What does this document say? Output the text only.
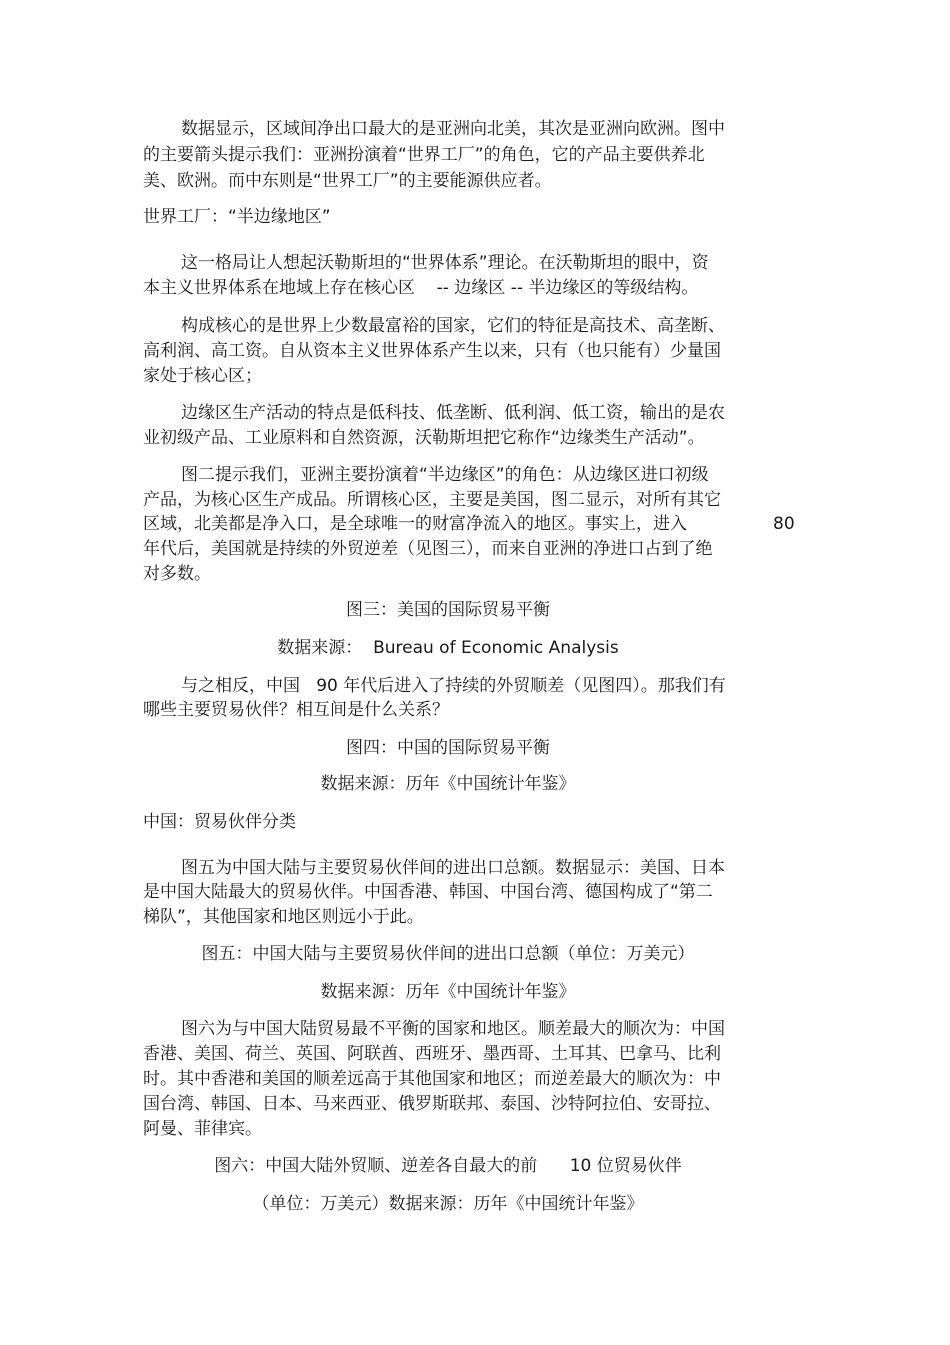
数据显示，区域间净出口最大的是亚洲向北美，其次是亚洲向欧洲。图中

的主要箭头提示我们：亚洲扮演着“世界工厂”的角色，它的产品主要供养北

美、欧洲。而中东则是“世界工厂”的主要能源供应者。

世界工厂：“半边缘地区”

这一格局让人想起沃勒斯坦的“世界体系”理论。在沃勒斯坦的眼中，资

本主义世界体系在地域上存在核心区    -- 边缘区 -- 半边缘区的等级结构。

构成核心的是世界上少数最富裕的国家，它们的特征是高技术、高垄断、

高利润、高工资。自从资本主义世界体系产生以来，只有（也只能有）少量国

家处于核心区；

边缘区生产活动的特点是低科技、低垄断、低利润、低工资，输出的是农

业初级产品、工业原料和自然资源，沃勒斯坦把它称作“边缘类生产活动”。

图二提示我们，亚洲主要扮演着“半边缘区”的角色：从边缘区进口初级

产品，为核心区生产成品。所谓核心区，主要是美国，图二显示，对所有其它

区域，北美都是净入口，是全球唯一的财富净流入的地区。事实上，进入	80

年代后，美国就是持续的外贸逆差（见图三），而来自亚洲的净进口占到了绝

对多数。

图三：美国的国际贸易平衡

数据来源：  Bureau of Economic Analysis

与之相反，中国   90 年代后进入了持续的外贸顺差（见图四）。那我们有

哪些主要贸易伙伴？相互间是什么关系？

图四：中国的国际贸易平衡

数据来源：历年《中国统计年鉴》

中国：贸易伙伴分类

图五为中国大陆与主要贸易伙伴间的进出口总额。数据显示：美国、日本

是中国大陆最大的贸易伙伴。中国香港、韩国、中国台湾、德国构成了“第二

梯队”，其他国家和地区则远小于此。

图五：中国大陆与主要贸易伙伴间的进出口总额（单位：万美元）

数据来源：历年《中国统计年鉴》

图六为与中国大陆贸易最不平衡的国家和地区。顺差最大的顺次为：中国

香港、美国、荷兰、英国、阿联酋、西班牙、墨西哥、土耳其、巴拿马、比利

时。其中香港和美国的顺差远高于其他国家和地区；而逆差最大的顺次为：中

国台湾、韩国、日本、马来西亚、俄罗斯联邦、泰国、沙特阿拉伯、安哥拉、

阿曼、菲律宾。

图六：中国大陆外贸顺、逆差各自最大的前      10 位贸易伙伴

（单位：万美元）数据来源：历年《中国统计年鉴》
